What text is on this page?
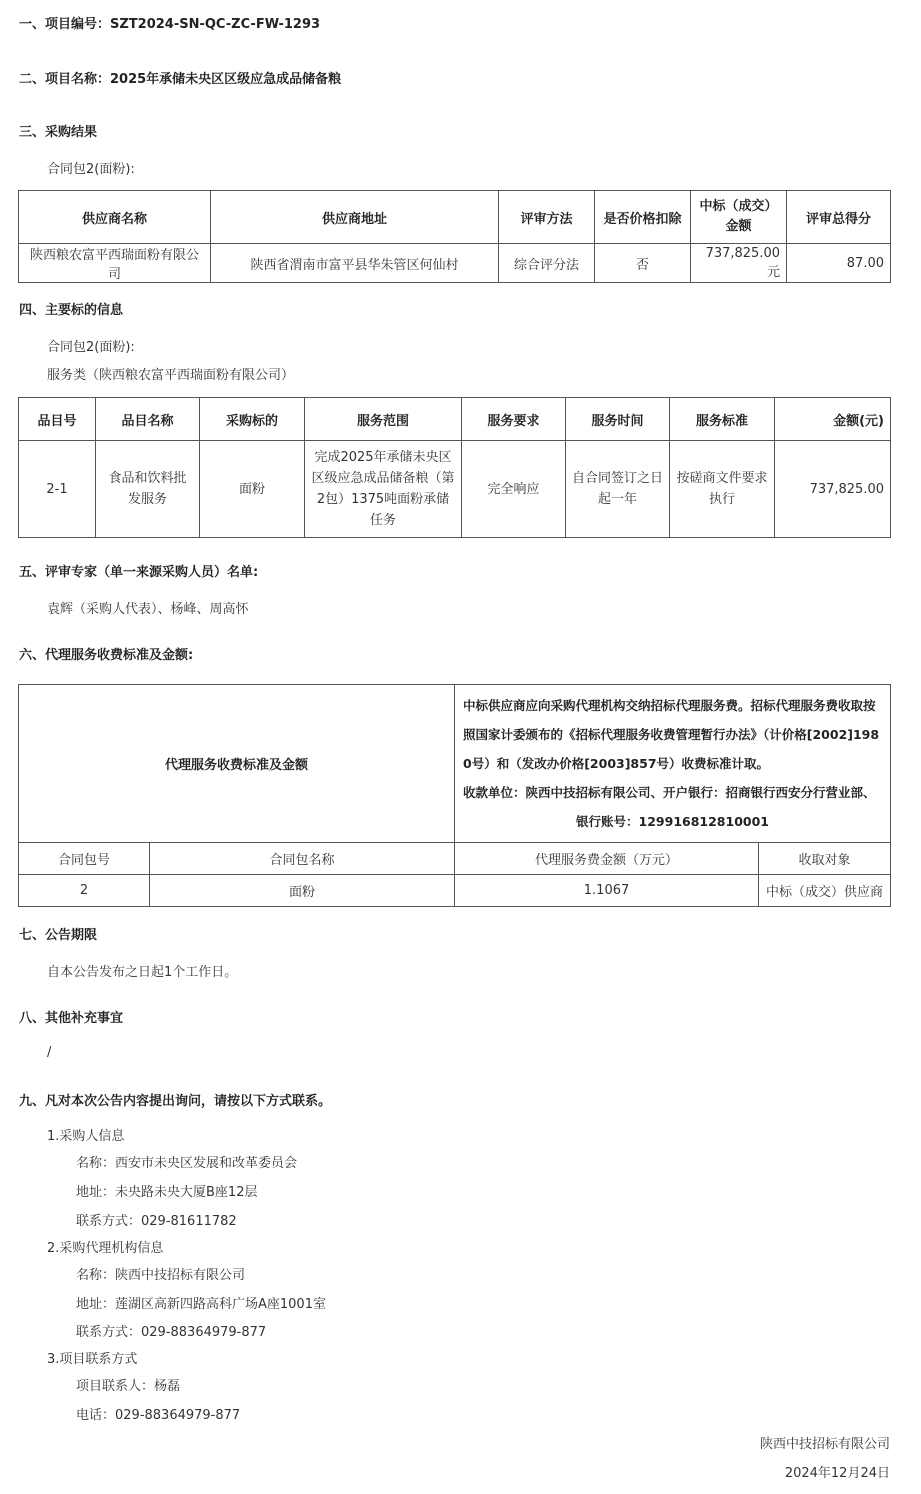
一、项目编号：SZT2024-SN-QC-ZC-FW-1293
二、项目名称：2025年承储未央区区级应急成品储备粮
三、采购结果
合同包2(面粉):
供应商名称	供应商地址	评审方法	是否价格扣除	中标（成交）金额	评审总得分
陕西粮农富平西瑞面粉有限公司	陕西省渭南市富平县华朱管区何仙村	综合评分法	否	737,825.00元	87.00
四、主要标的信息
合同包2(面粉):
服务类（陕西粮农富平西瑞面粉有限公司）
品目号	品目名称	采购标的	服务范围	服务要求	服务时间	服务标准	金额(元)
2-1	食品和饮料批发服务	面粉	完成2025年承储未央区区级应急成品储备粮（第2包）1375吨面粉承储任务	完全响应	自合同签订之日起一年	按磋商文件要求执行	737,825.00
五、评审专家（单一来源采购人员）名单:
袁辉（采购人代表）、杨峰、周高怀
六、代理服务收费标准及金额:
代理服务收费标准及金额		中标供应商应向采购代理机构交纳招标代理服务费。招标代理服务费收取按
照国家计委颁布的《招标代理服务收费管理暂行办法》（计价格[2002]198
0号）和（发改办价格[2003]857号）收费标准计取。
收款单位：陕西中技招标有限公司、开户银行：招商银行西安分行营业部、
银行账号：129916812810001	

合同包号	合同包名称	代理服务费金额（万元）	收取对象
2	面粉	1.1067	中标（成交）供应商
七、公告期限
自本公告发布之日起1个工作日。
八、其他补充事宜
/
九、凡对本次公告内容提出询问，请按以下方式联系。
1.采购人信息
名称：西安市未央区发展和改革委员会
地址：未央路未央大厦B座12层
联系方式：029-81611782
2.采购代理机构信息
名称：陕西中技招标有限公司
地址：莲湖区高新四路高科广场A座1001室
联系方式：029-88364979-877
3.项目联系方式
项目联系人：杨磊
电话：029-88364979-877
陕西中技招标有限公司
2024年12月24日
